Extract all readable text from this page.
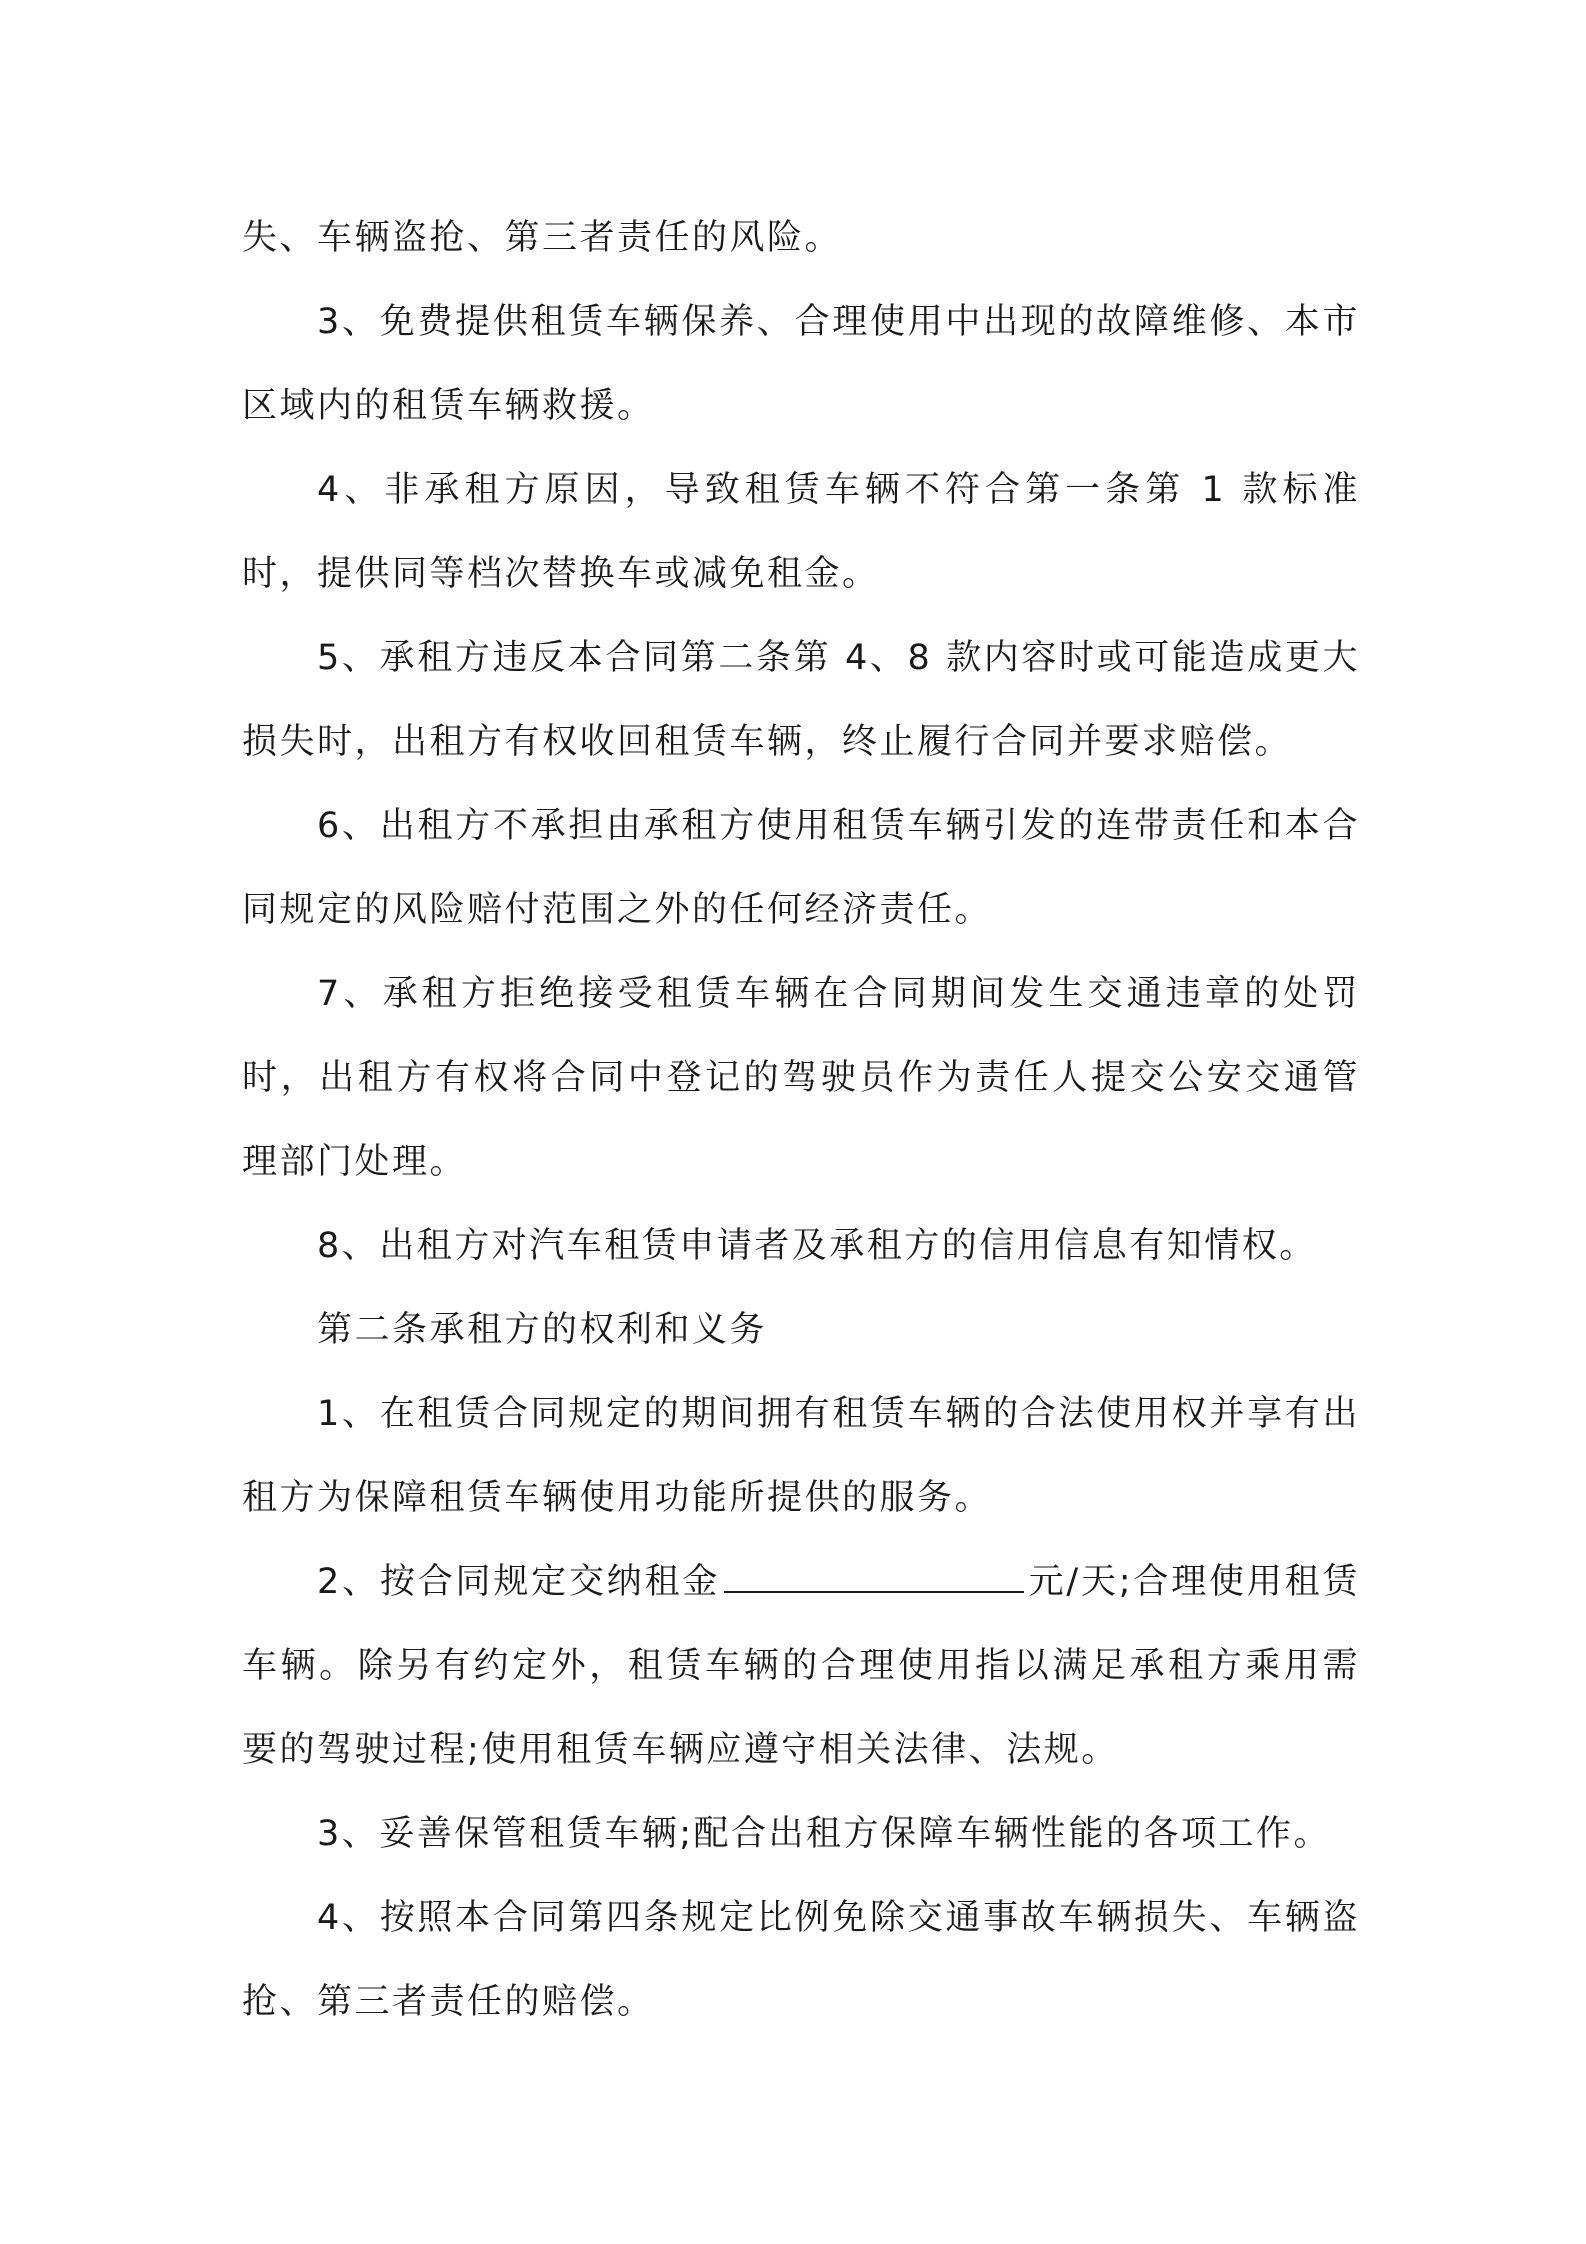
失、车辆盗抢、第三者责任的风险。

3、免费提供租赁车辆保养、合理使用中出现的故障维修、本市区域内的租赁车辆救援。

4、非承租方原因，导致租赁车辆不符合第一条第 1 款标准时，提供同等档次替换车或减免租金。

5、承租方违反本合同第二条第 4、8 款内容时或可能造成更大损失时，出租方有权收回租赁车辆，终止履行合同并要求赔偿。

6、出租方不承担由承租方使用租赁车辆引发的连带责任和本合同规定的风险赔付范围之外的任何经济责任。

7、承租方拒绝接受租赁车辆在合同期间发生交通违章的处罚时，出租方有权将合同中登记的驾驶员作为责任人提交公安交通管理部门处理。

8、出租方对汽车租赁申请者及承租方的信用信息有知情权。

第二条承租方的权利和义务

1、在租赁合同规定的期间拥有租赁车辆的合法使用权并享有出租方为保障租赁车辆使用功能所提供的服务。

2、按合同规定交纳租金	元/天;合理使用租赁车辆。除另有约定外，租赁车辆的合理使用指以满足承租方乘用需要的驾驶过程;使用租赁车辆应遵守相关法律、法规。

3、妥善保管租赁车辆;配合出租方保障车辆性能的各项工作。

4、按照本合同第四条规定比例免除交通事故车辆损失、车辆盗抢、第三者责任的赔偿。
